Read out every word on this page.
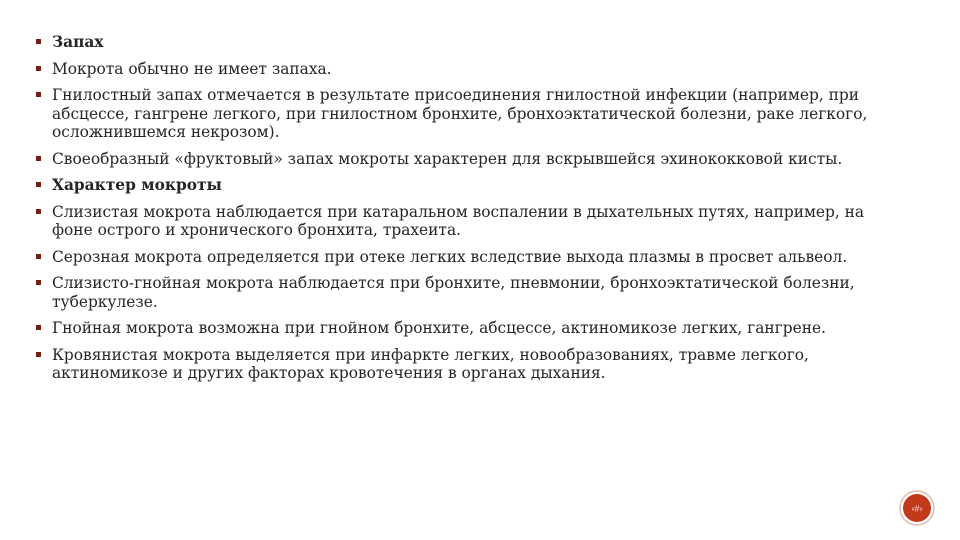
Запах
Мокрота обычно не имеет запаха.
Гнилостный запах отмечается в результате присоединения гнилостной инфекции (например, при абсцессе, гангрене легкого, при гнилостном бронхите, бронхоэктатической болезни, раке легкого, осложнившемся некрозом).
Своеобразный «фруктовый» запах мокроты характерен для вскрывшейся эхинококковой кисты.
Характер мокроты
Слизистая мокрота наблюдается при катаральном воспалении в дыхательных путях, например, на фоне острого и хронического бронхита, трахеита.
Серозная мокрота определяется при отеке легких вследствие выхода плазмы в просвет альвеол.
Слизисто-гнойная мокрота наблюдается при бронхите, пневмонии, бронхоэктатической болезни, туберкулезе.
Гнойная мокрота возможна при гнойном бронхите, абсцессе, актиномикозе легких, гангрене.
Кровянистая мокрота выделяется при инфаркте легких, новообразованиях, травме легкого, актиномикозе и других факторах кровотечения в органах дыхания.
‹#›
